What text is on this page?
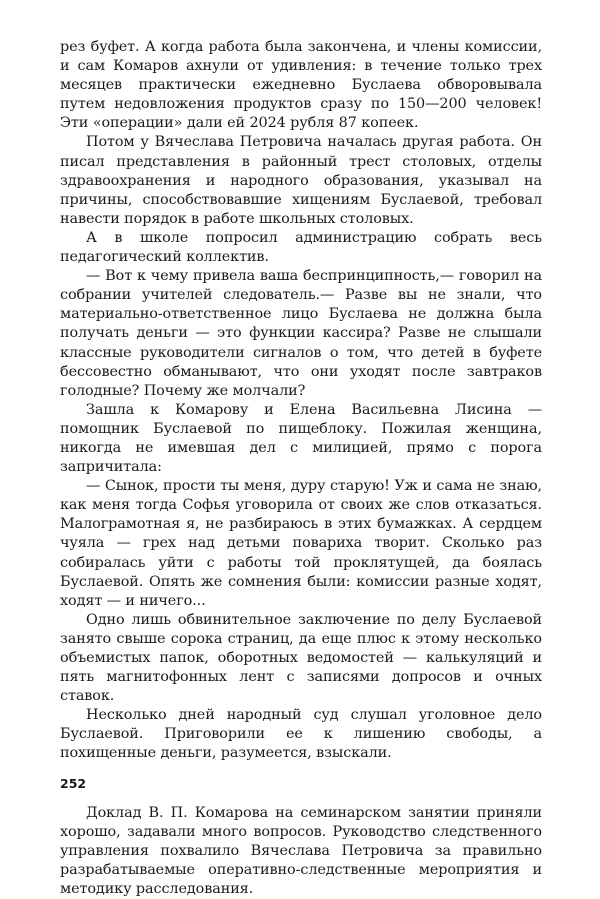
рез буфет. А когда работа была закончена, и члены комиссии, и сам Комаров ахнули от удивления: в течение только трех месяцев практически ежедневно Буслаева обворовывала путем недовложения продуктов сразу по 150—200 человек! Эти «операции» дали ей 2024 рубля 87 копеек.

Потом у Вячеслава Петровича началась другая работа. Он писал представления в районный трест столовых, отделы здравоохранения и народного образования, указывал на причины, способствовавшие хищениям Буслаевой, требовал навести порядок в работе школьных столовых.

А в школе попросил администрацию собрать весь педагогический коллектив.

— Вот к чему привела ваша беспринципность,— говорил на собрании учителей следователь.— Разве вы не знали, что материально-ответственное лицо Буслаева не должна была получать деньги — это функции кассира? Разве не слышали классные руководители сигналов о том, что детей в буфете бессовестно обманывают, что они уходят после завтраков голодные? Почему же молчали?

Зашла к Комарову и Елена Васильевна Лисина — помощник Буслаевой по пищеблоку. Пожилая женщина, никогда не имевшая дел с милицией, прямо с порога запричитала:

— Сынок, прости ты меня, дуру старую! Уж и сама не знаю, как меня тогда Софья уговорила от своих же слов отказаться. Малограмотная я, не разбираюсь в этих бумажках. А сердцем чуяла — грех над детьми повариха творит. Сколько раз собиралась уйти с работы той проклятущей, да боялась Буслаевой. Опять же сомнения были: комиссии разные ходят, ходят — и ничего...

Одно лишь обвинительное заключение по делу Буслаевой занято свыше сорока страниц, да еще плюс к этому несколько объемистых папок, оборотных ведомостей — калькуляций и пять магнитофонных лент с записями допросов и очных ставок.

Несколько дней народный суд слушал уголовное дело Буслаевой. Приговорили ее к лишению свободы, а похищенные деньги, разумеется, взыскали.

Доклад В. П. Комарова на семинарском занятии приняли хорошо, задавали много вопросов. Руководство следственного управления похвалило Вячеслава Петровича за правильно разрабатываемые оперативно-следственные мероприятия и методику расследования.

252
